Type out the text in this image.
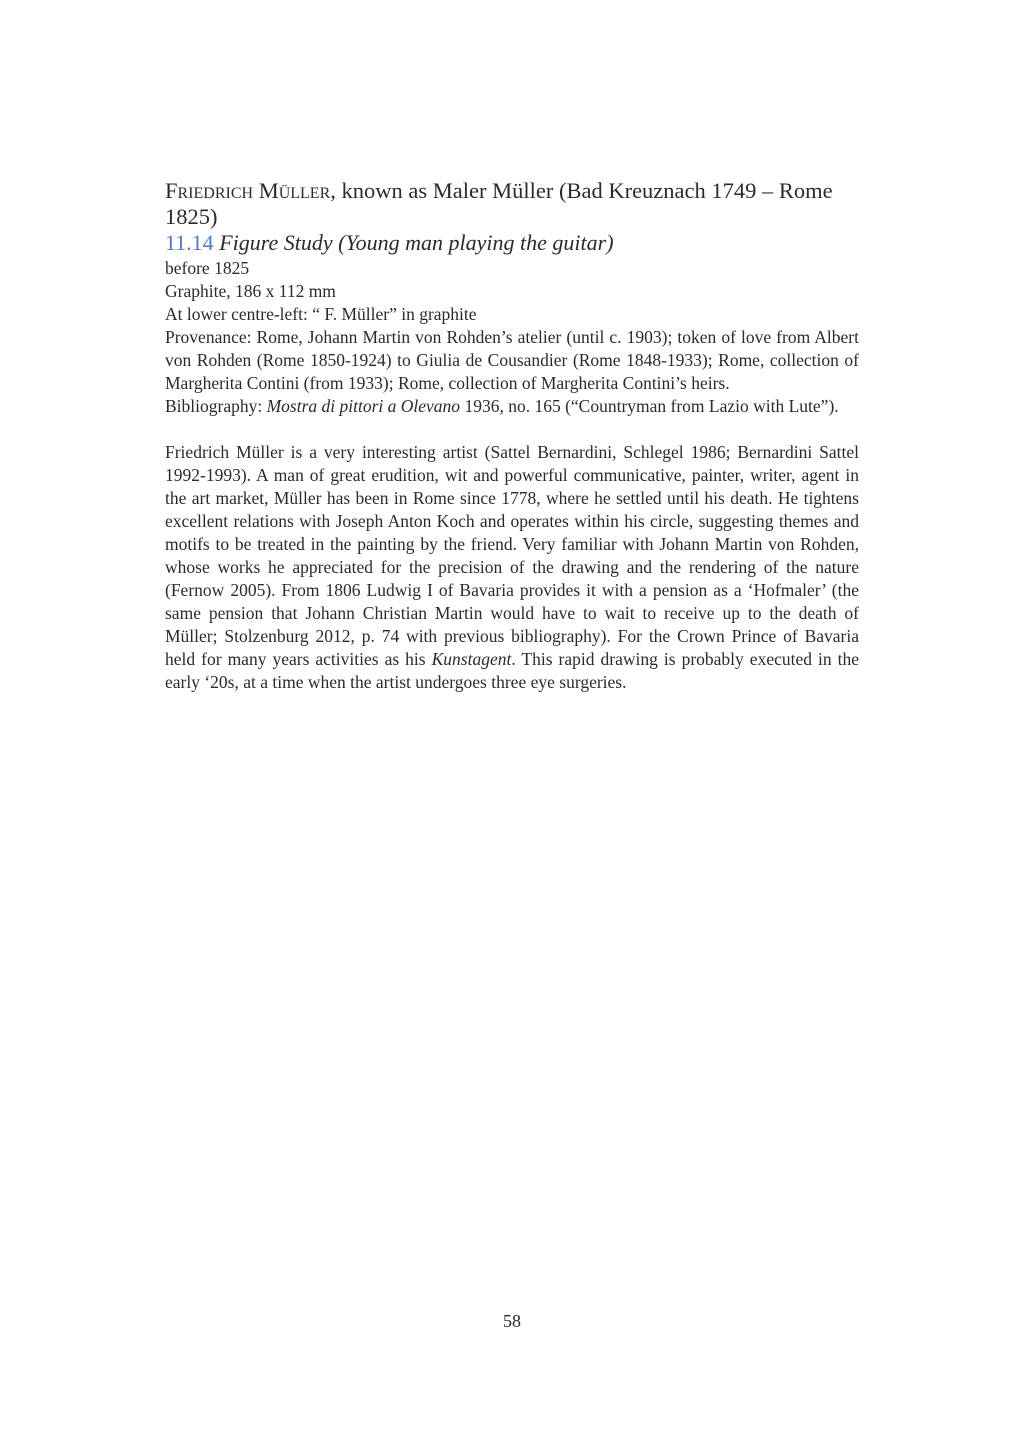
Friedrich Müller, known as Maler Müller (Bad Kreuznach 1749 – Rome 1825)
11.14 Figure Study (Young man playing the guitar)

before 1825

Graphite, 186 x 112 mm

At lower centre-left: “ F. Müller” in graphite

Provenance: Rome, Johann Martin von Rohden’s atelier (until c. 1903); token of love from Albert von Rohden (Rome 1850-1924) to Giulia de Cousandier (Rome 1848-1933); Rome, collection of Margherita Contini (from 1933); Rome, collection of Margherita Contini’s heirs.

Bibliography: Mostra di pittori a Olevano 1936, no. 165 (“Countryman from Lazio with Lute”).

Friedrich Müller is a very interesting artist (Sattel Bernardini, Schlegel 1986; Bernardini Sattel 1992-1993). A man of great erudition, wit and powerful communicative, painter, writer, agent in the art market, Müller has been in Rome since 1778, where he settled until his death. He tightens excellent relations with Joseph Anton Koch and operates within his circle, suggesting themes and motifs to be treated in the painting by the friend. Very familiar with Johann Martin von Rohden, whose works he appreciated for the precision of the drawing and the rendering of the nature (Fernow 2005). From 1806 Ludwig I of Bavaria provides it with a pension as a ‘Hofmaler’ (the same pension that Johann Christian Martin would have to wait to receive up to the death of Müller; Stolzenburg 2012, p. 74 with previous bibliography). For the Crown Prince of Bavaria held for many years activities as his Kunstagent. This rapid drawing is probably executed in the early ‘20s, at a time when the artist undergoes three eye surgeries.

58
